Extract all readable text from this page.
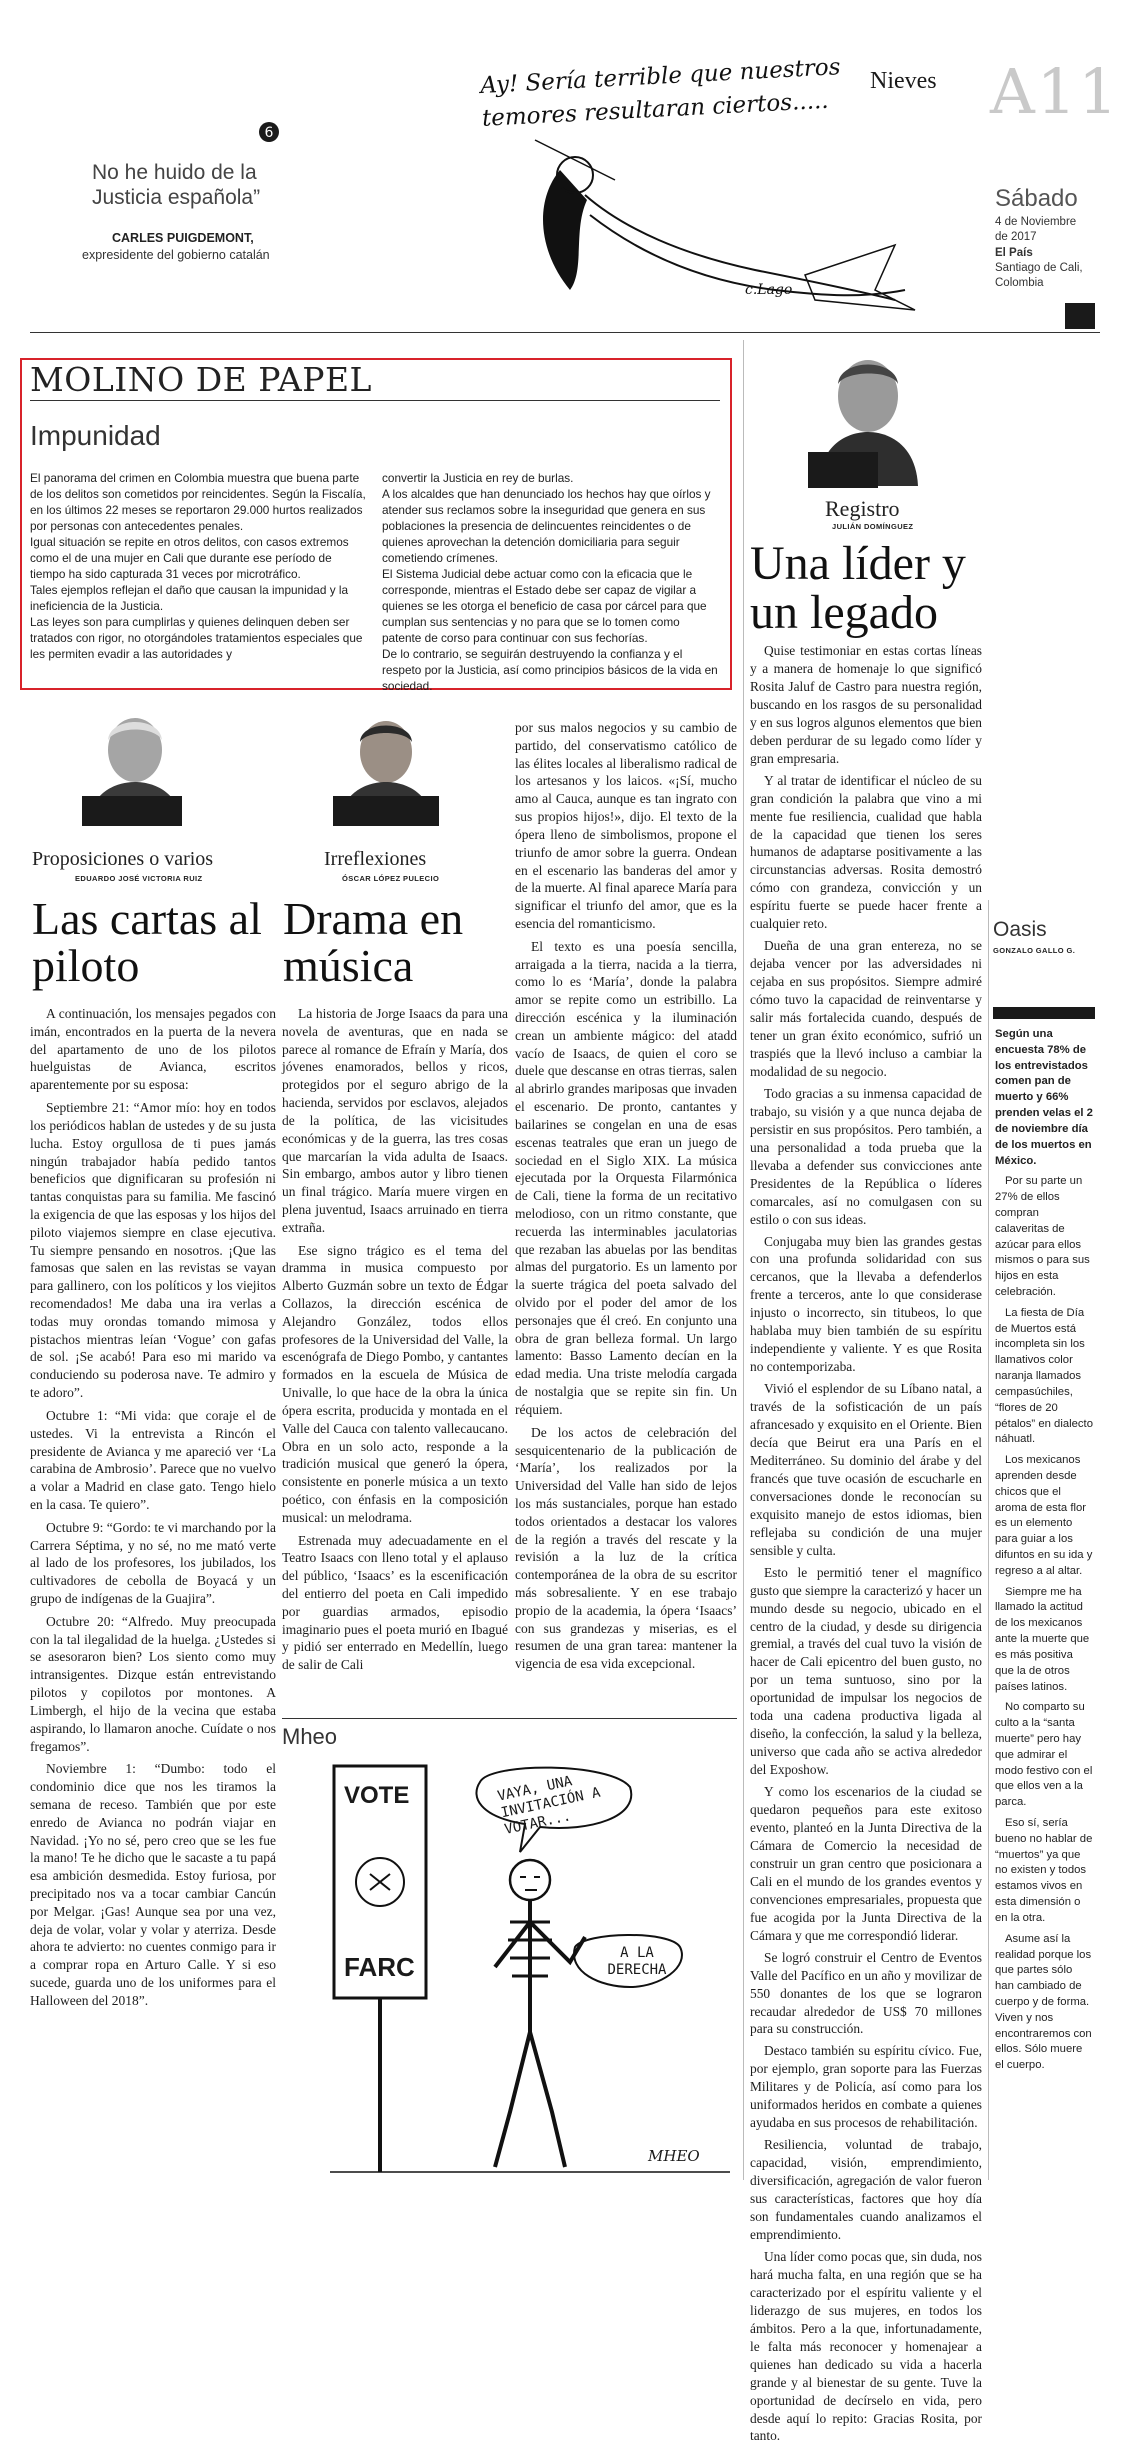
6
No he huido de la Justicia española”
CARLES PUIGDEMONT,
expresidente del gobierno catalán
Ay! Sería terrible que nuestros temores resultaran ciertos.....
Nieves
c.Lago
A11
Sábado
4 de Noviembre de 2017
El País
Santiago de Cali, Colombia
MOLINO DE PAPEL
Impunidad

El panorama del crimen en Colombia muestra que buena parte de los delitos son cometidos por reincidentes. Según la Fiscalía, en los últimos 22 meses se reportaron 29.000 hurtos realizados por personas con antecedentes penales.

Igual situación se repite en otros delitos, con casos extremos como el de una mujer en Cali que durante ese período de tiempo ha sido capturada 31 veces por microtráfico.

Tales ejemplos reflejan el daño que causan la impunidad y la ineficiencia de la Justicia.

Las leyes son para cumplirlas y quienes delinquen deben ser tratados con rigor, no otorgándoles tratamientos especiales que les permiten evadir a las autoridades y

convertir la Justicia en rey de burlas.

A los alcaldes que han denunciado los hechos hay que oírlos y atender sus reclamos sobre la inseguridad que genera en sus poblaciones la presencia de delincuentes reincidentes o de quienes aprovechan la detención domiciliaria para seguir cometiendo crímenes.

El Sistema Judicial debe actuar como con la eficacia que le corresponde, mientras el Estado debe ser capaz de vigilar a quienes se les otorga el beneficio de casa por cárcel para que cumplan sus sentencias y no para que se lo tomen como patente de corso para continuar con sus fechorías.

De lo contrario, se seguirán destruyendo la confianza y el respeto por la Justicia, así como principios básicos de la vida en sociedad.

Registro
JULIÁN DOMÍNGUEZ
Una líder y un legado

Quise testimoniar en estas cortas líneas y a manera de homenaje lo que significó Rosita Jaluf de Castro para nuestra región, buscando en los rasgos de su personalidad y en sus logros algunos elementos que bien deben perdurar de su legado como líder y gran empresaria.

Y al tratar de identificar el núcleo de su gran condición la palabra que vino a mi mente fue resiliencia, cualidad que habla de la capacidad que tienen los seres humanos de adaptarse positivamente a las circunstancias adversas. Rosita demostró cómo con grandeza, convicción y un espíritu fuerte se puede hacer frente a cualquier reto.

Dueña de una gran entereza, no se dejaba vencer por las adversidades ni cejaba en sus propósitos. Siempre admiré cómo tuvo la capacidad de reinventarse y salir más fortalecida cuando, después de tener un gran éxito económico, sufrió un traspiés que la llevó incluso a cambiar la modalidad de su negocio.

Todo gracias a su inmensa capacidad de trabajo, su visión y a que nunca dejaba de persistir en sus propósitos. Pero también, a una personalidad a toda prueba que la llevaba a defender sus convicciones ante Presidentes de la República o líderes comarcales, así no comulgasen con su estilo o con sus ideas.

Conjugaba muy bien las grandes gestas con una profunda solidaridad con sus cercanos, que la llevaba a defenderlos frente a terceros, ante lo que considerase injusto o incorrecto, sin titubeos, lo que hablaba muy bien también de su espíritu independiente y valiente. Y es que Rosita no contemporizaba.

Vivió el esplendor de su Líbano natal, a través de la sofisticación de un país afrancesado y exquisito en el Oriente. Bien decía que Beirut era una París en el Mediterráneo. Su dominio del árabe y del francés que tuve ocasión de escucharle en conversaciones donde le reconocían su exquisito manejo de estos idiomas, bien reflejaba su condición de una mujer sensible y culta.

Esto le permitió tener el magnífico gusto que siempre la caracterizó y hacer un mundo desde su negocio, ubicado en el centro de la ciudad, y desde su dirigencia gremial, a través del cual tuvo la visión de hacer de Cali epicentro del buen gusto, no por un tema suntuoso, sino por la oportunidad de impulsar los negocios de toda una cadena productiva ligada al diseño, la confección, la salud y la belleza, universo que cada año se activa alrededor del Exposhow.

Y como los escenarios de la ciudad se quedaron pequeños para este exitoso evento, planteó en la Junta Directiva de la Cámara de Comercio la necesidad de construir un gran centro que posicionara a Cali en el mundo de los grandes eventos y convenciones empresariales, propuesta que fue acogida por la Junta Directiva de la Cámara y que me correspondió liderar.

Se logró construir el Centro de Eventos Valle del Pacífico en un año y movilizar de 550 donantes de los que se lograron recaudar alrededor de US$ 70 millones para su construcción.

Destaco también su espíritu cívico. Fue, por ejemplo, gran soporte para las Fuerzas Militares y de Policía, así como para los uniformados heridos en combate a quienes ayudaba en sus procesos de rehabilitación.

Resiliencia, voluntad de trabajo, capacidad, visión, emprendimiento, diversificación, agregación de valor fueron sus características, factores que hoy día son fundamentales cuando analizamos el emprendimiento.

Una líder como pocas que, sin duda, nos hará mucha falta, en una región que se ha caracterizado por el espíritu valiente y el liderazgo de sus mujeres, en todos los ámbitos. Pero a la que, infortunadamente, le falta más reconocer y homenajear a quienes han dedicado su vida a hacerla grande y al bienestar de su gente. Tuve la oportunidad de decírselo en vida, pero desde aquí lo repito: Gracias Rosita, por tanto.

Oasis
GONZALO GALLO G.

Según una encuesta 78% de los entrevistados comen pan de muerto y 66% prenden velas el 2 de noviembre día de los muertos en México.

Por su parte un 27% de ellos compran calaveritas de azúcar para ellos mismos o para sus hijos en esta celebración.

La fiesta de Día de Muertos está incompleta sin los llamativos color naranja llamados cempasúchiles, “flores de 20 pétalos” en dialecto náhuatl.

Los mexicanos aprenden desde chicos que el aroma de esta flor es un elemento para guiar a los difuntos en su ida y regreso a al altar.

Siempre me ha llamado la actitud de los mexicanos ante la muerte que es más positiva que la de otros países latinos.

No comparto su culto a la “santa muerte” pero hay que admirar el modo festivo con el que ellos ven a la parca.

Eso sí, sería bueno no hablar de “muertos” ya que no existen y todos estamos vivos en esta dimensión o en la otra.

Asume así la realidad porque los que partes sólo han cambiado de cuerpo y de forma. Viven y nos encontraremos con ellos. Sólo muere el cuerpo.

Proposiciones o varios
EDUARDO JOSÉ VICTORIA RUIZ
Las cartas al piloto

A continuación, los mensajes pegados con imán, encontrados en la puerta de la nevera del apartamento de uno de los pilotos huelguistas de Avianca, escritos aparentemente por su esposa:

Septiembre 21: “Amor mío: hoy en todos los periódicos hablan de ustedes y de su justa lucha. Estoy orgullosa de ti pues jamás ningún trabajador había pedido tantos beneficios que dignificaran su profesión ni tantas conquistas para su familia. Me fascinó la exigencia de que las esposas y los hijos del piloto viajemos siempre en clase ejecutiva. Tu siempre pensando en nosotros. ¡Que las famosas que salen en las revistas se vayan para gallinero, con los políticos y los viejitos recomendados! Me daba una ira verlas a todas muy orondas tomando mimosa y pistachos mientras leían ‘Vogue’ con gafas de sol. ¡Se acabó! Para eso mi marido va conduciendo su poderosa nave. Te admiro y te adoro”.

Octubre 1: “Mi vida: que coraje el de ustedes. Vi la entrevista a Rincón el presidente de Avianca y me apareció ver ‘La carabina de Ambrosio’. Parece que no vuelvo a volar a Madrid en clase gato. Tengo hielo en la casa. Te quiero”.

Octubre 9: “Gordo: te vi marchando por la Carrera Séptima, y no sé, no me mató verte al lado de los profesores, los jubilados, los cultivadores de cebolla de Boyacá y un grupo de indígenas de la Guajira”.

Octubre 20: “Alfredo. Muy preocupada con la tal ilegalidad de la huelga. ¿Ustedes si se asesoraron bien? Los siento como muy intransigentes. Dizque están entrevistando pilotos y copilotos por montones. A Limbergh, el hijo de la vecina que estaba aspirando, lo llamaron anoche. Cuídate o nos fregamos”.

Noviembre 1: “Dumbo: todo el condominio dice que nos les tiramos la semana de receso. También que por este enredo de Avianca no podrán viajar en Navidad. ¡Yo no sé, pero creo que se les fue la mano! Te he dicho que le sacaste a tu papá esa ambición desmedida. Estoy furiosa, por precipitado nos va a tocar cambiar Cancún por Melgar. ¡Gas! Aunque sea por una vez, deja de volar, volar y volar y aterriza. Desde ahora te advierto: no cuentes conmigo para ir a comprar ropa en Arturo Calle. Y si eso sucede, guarda uno de los uniformes para el Halloween del 2018”.

Irreflexiones
ÓSCAR LÓPEZ PULECIO
Drama en música

La historia de Jorge Isaacs da para una novela de aventuras, que en nada se parece al romance de Efraín y María, dos jóvenes enamorados, bellos y ricos, protegidos por el seguro abrigo de la hacienda, servidos por esclavos, alejados de la política, de las vicisitudes económicas y de la guerra, las tres cosas que marcarían la vida adulta de Isaacs. Sin embargo, ambos autor y libro tienen un final trágico. María muere virgen en plena juventud, Isaacs arruinado en tierra extraña.

Ese signo trágico es el tema del dramma in musica compuesto por Alberto Guzmán sobre un texto de Édgar Collazos, la dirección escénica de Alejandro González, todos ellos profesores de la Universidad del Valle, la escenógrafa de Diego Pombo, y cantantes formados en la escuela de Música de Univalle, lo que hace de la obra la única ópera escrita, producida y montada en el Valle del Cauca con talento vallecaucano. Obra en un solo acto, responde a la tradición musical que generó la ópera, consistente en ponerle música a un texto poético, con énfasis en la composición musical: un melodrama.

Estrenada muy adecuadamente en el Teatro Isaacs con lleno total y el aplauso del público, ‘Isaacs’ es la escenificación del entierro del poeta en Cali impedido por guardias armados, episodio imaginario pues el poeta murió en Ibagué y pidió ser enterrado en Medellín, luego de salir de Cali

por sus malos negocios y su cambio de partido, del conservatismo católico de las élites locales al liberalismo radical de los artesanos y los laicos. «¡Sí, mucho amo al Cauca, aunque es tan ingrato con sus propios hijos!», dijo. El texto de la ópera lleno de simbolismos, propone el triunfo de amor sobre la guerra. Ondean en el escenario las banderas del amor y de la muerte. Al final aparece María para significar el triunfo del amor, que es la esencia del romanticismo.

El texto es una poesía sencilla, arraigada a la tierra, nacida a la tierra, como lo es ‘María’, donde la palabra amor se repite como un estribillo. La dirección escénica y la iluminación crean un ambiente mágico: del atadd vacío de Isaacs, de quien el coro se duele que descanse en otras tierras, salen al abrirlo grandes mariposas que invaden el escenario. De pronto, cantantes y bailarines se congelan en una de esas escenas teatrales que eran un juego de sociedad en el Siglo XIX. La música ejecutada por la Orquesta Filarmónica de Cali, tiene la forma de un recitativo melodioso, con un ritmo constante, que recuerda las interminables jaculatorias que rezaban las abuelas por las benditas almas del purgatorio. Es un lamento por la suerte trágica del poeta salvado del olvido por el poder del amor de los personajes que él creó. En conjunto una obra de gran belleza formal. Un largo lamento: Basso Lamento decían en la edad media. Una triste melodía cargada de nostalgia que se repite sin fin. Un réquiem.

De los actos de celebración del sesquicentenario de la publicación de ‘María’, los realizados por la Universidad del Valle han sido de lejos los más sustanciales, porque han estado todos orientados a destacar los valores de la región a través del rescate y la revisión a la luz de la crítica contemporánea de la obra de su escritor más sobresaliente. Y en ese trabajo propio de la academia, la ópera ‘Isaacs’ con sus grandezas y miserias, es el resumen de una gran tarea: mantener la vigencia de esa vida excepcional.

Mheo
VOTE
FARC
VAYA, UNA INVITACIÓN A VOTAR...
A LA DERECHA
MHEO
